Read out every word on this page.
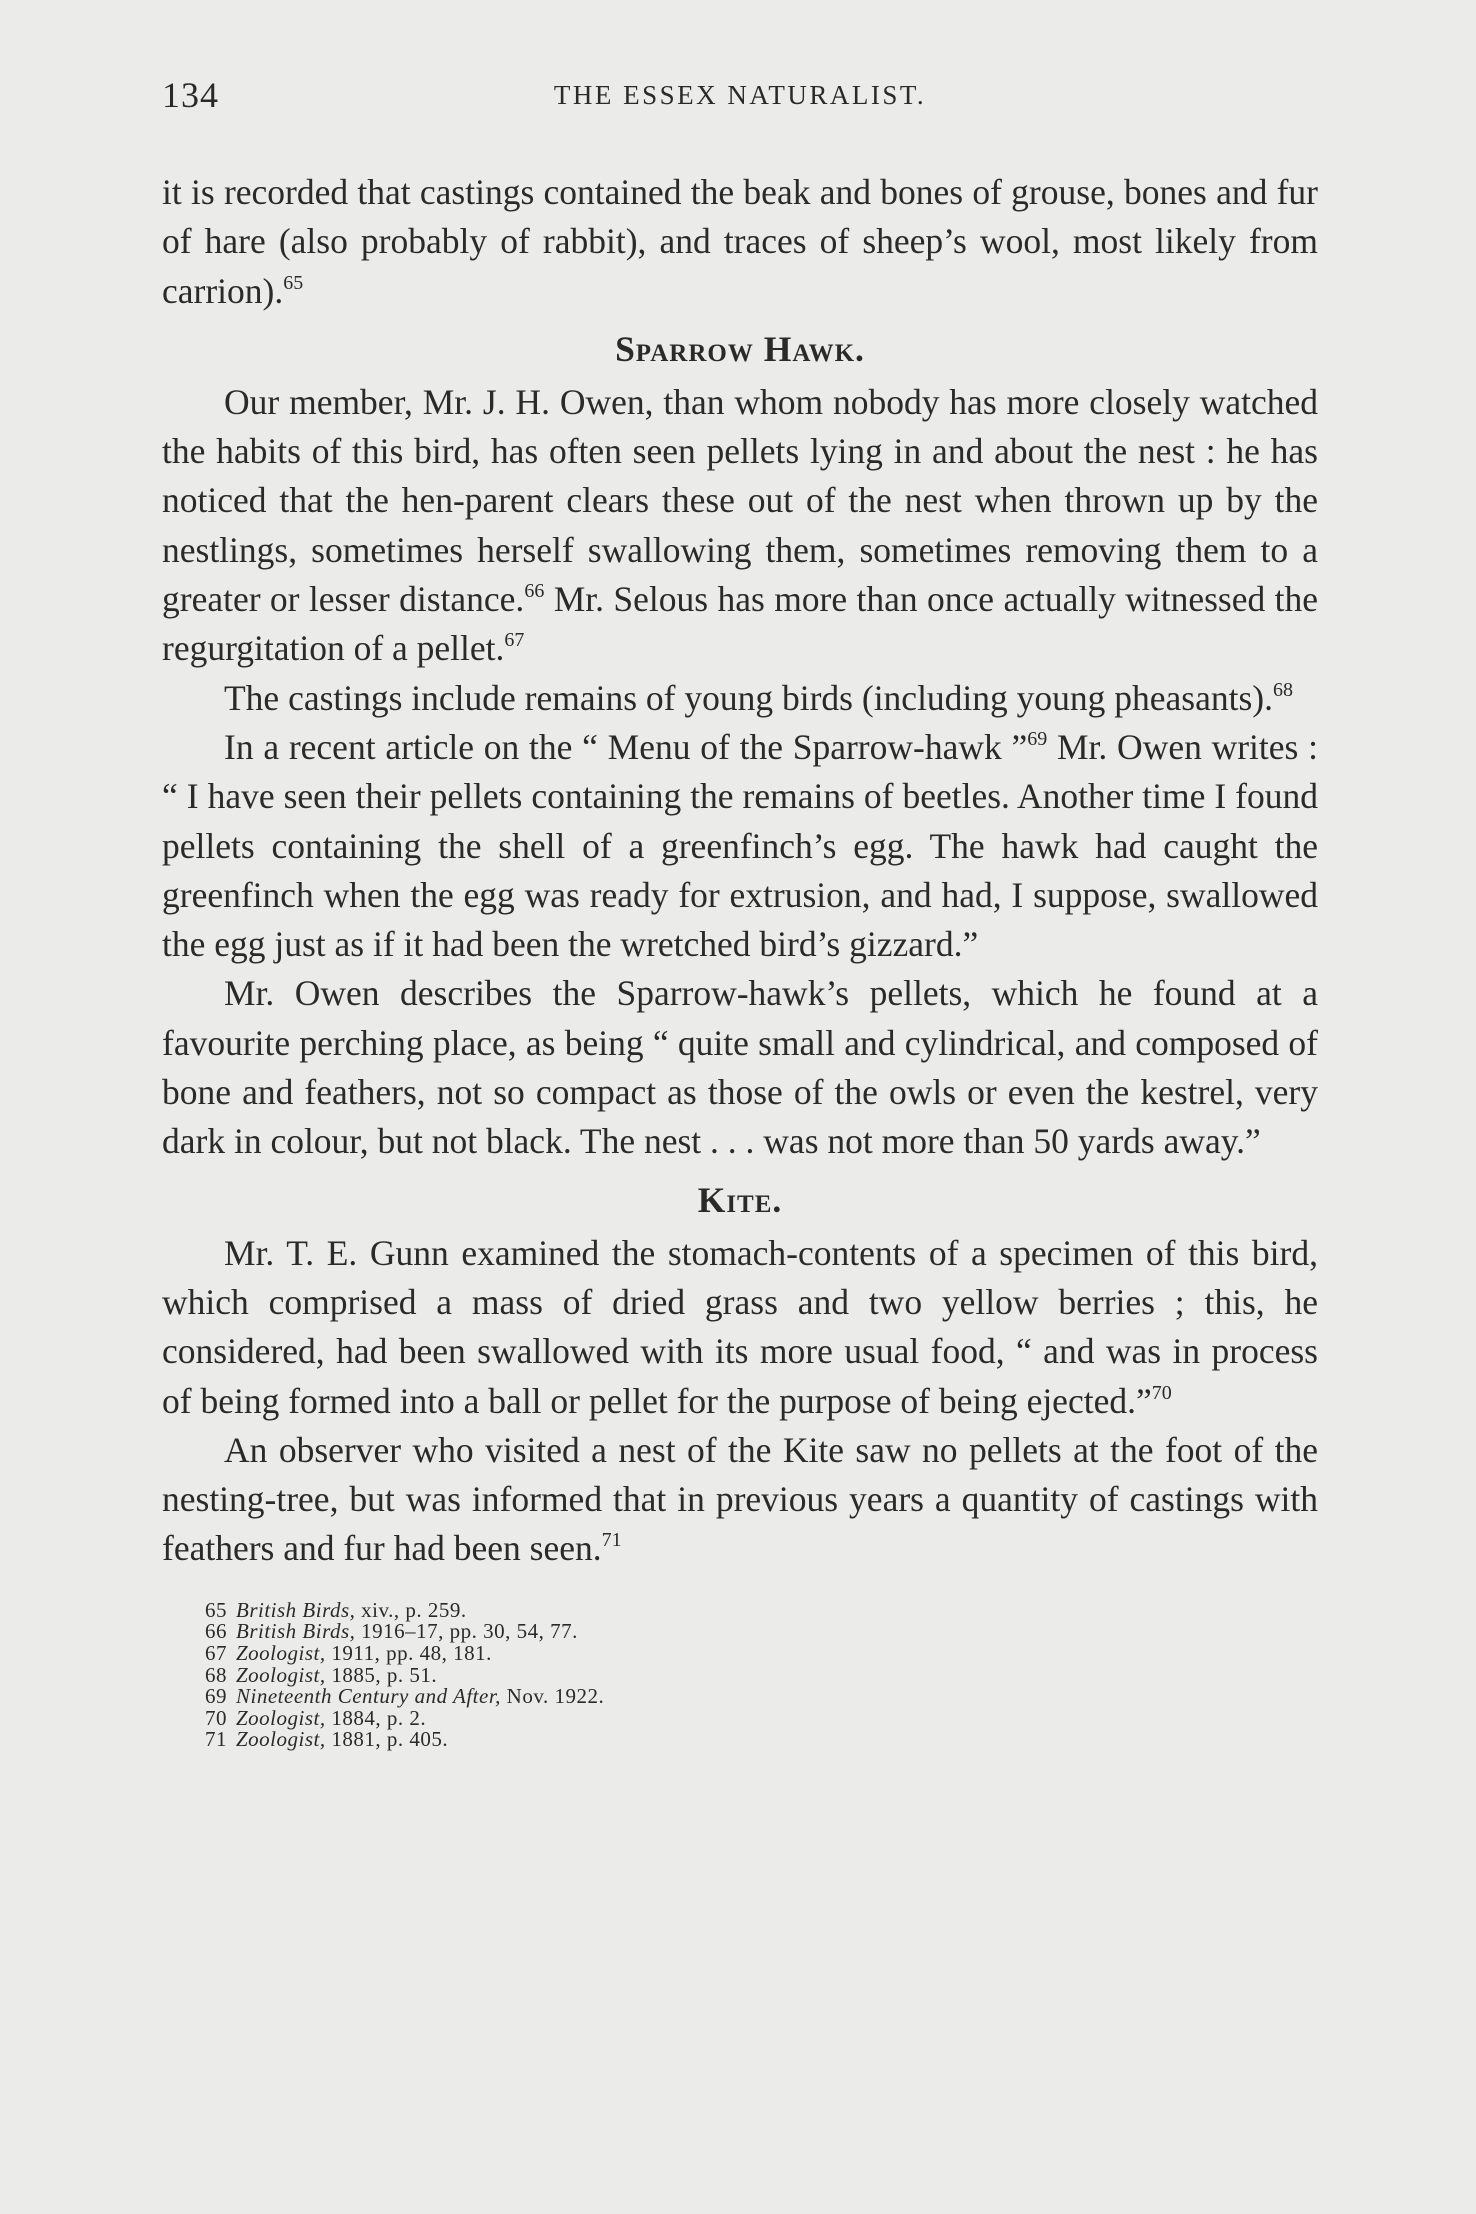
134	THE ESSEX NATURALIST.

it is recorded that castings contained the beak and bones of grouse, bones and fur of hare (also probably of rabbit), and traces of sheep’s wool, most likely from carrion).$^{65}$

Sparrow Hawk.

Our member, Mr. J. H. Owen, than whom nobody has more closely watched the habits of this bird, has often seen pellets lying in and about the nest : he has noticed that the hen-parent clears these out of the nest when thrown up by the nestlings, sometimes herself swallowing them, sometimes removing them to a greater or lesser distance.$^{66}$ Mr. Selous has more than once actually witnessed the regurgitation of a pellet.$^{67}$

The castings include remains of young birds (including young pheasants).$^{68}$

In a recent article on the “ Menu of the Sparrow-hawk ”$^{69}$ Mr. Owen writes : “ I have seen their pellets containing the remains of beetles. Another time I found pellets containing the shell of a greenfinch’s egg. The hawk had caught the greenfinch when the egg was ready for extrusion, and had, I suppose, swallowed the egg just as if it had been the wretched bird’s gizzard.”

Mr. Owen describes the Sparrow-hawk’s pellets, which he found at a favourite perching place, as being “ quite small and cylindrical, and composed of bone and feathers, not so compact as those of the owls or even the kestrel, very dark in colour, but not black. The nest . . . was not more than 50 yards away.”

Kite.

Mr. T. E. Gunn examined the stomach-contents of a specimen of this bird, which comprised a mass of dried grass and two yellow berries ; this, he considered, had been swallowed with its more usual food, “ and was in process of being formed into a ball or pellet for the purpose of being ejected.”$^{70}$

An observer who visited a nest of the Kite saw no pellets at the foot of the nesting-tree, but was informed that in previous years a quantity of castings with feathers and fur had been seen.$^{71}$

65 British Birds, xiv., p. 259.
66 British Birds, 1916–17, pp. 30, 54, 77.
67 Zoologist, 1911, pp. 48, 181.
68 Zoologist, 1885, p. 51.
69 Nineteenth Century and After, Nov. 1922.
70 Zoologist, 1884, p. 2.
71 Zoologist, 1881, p. 405.
